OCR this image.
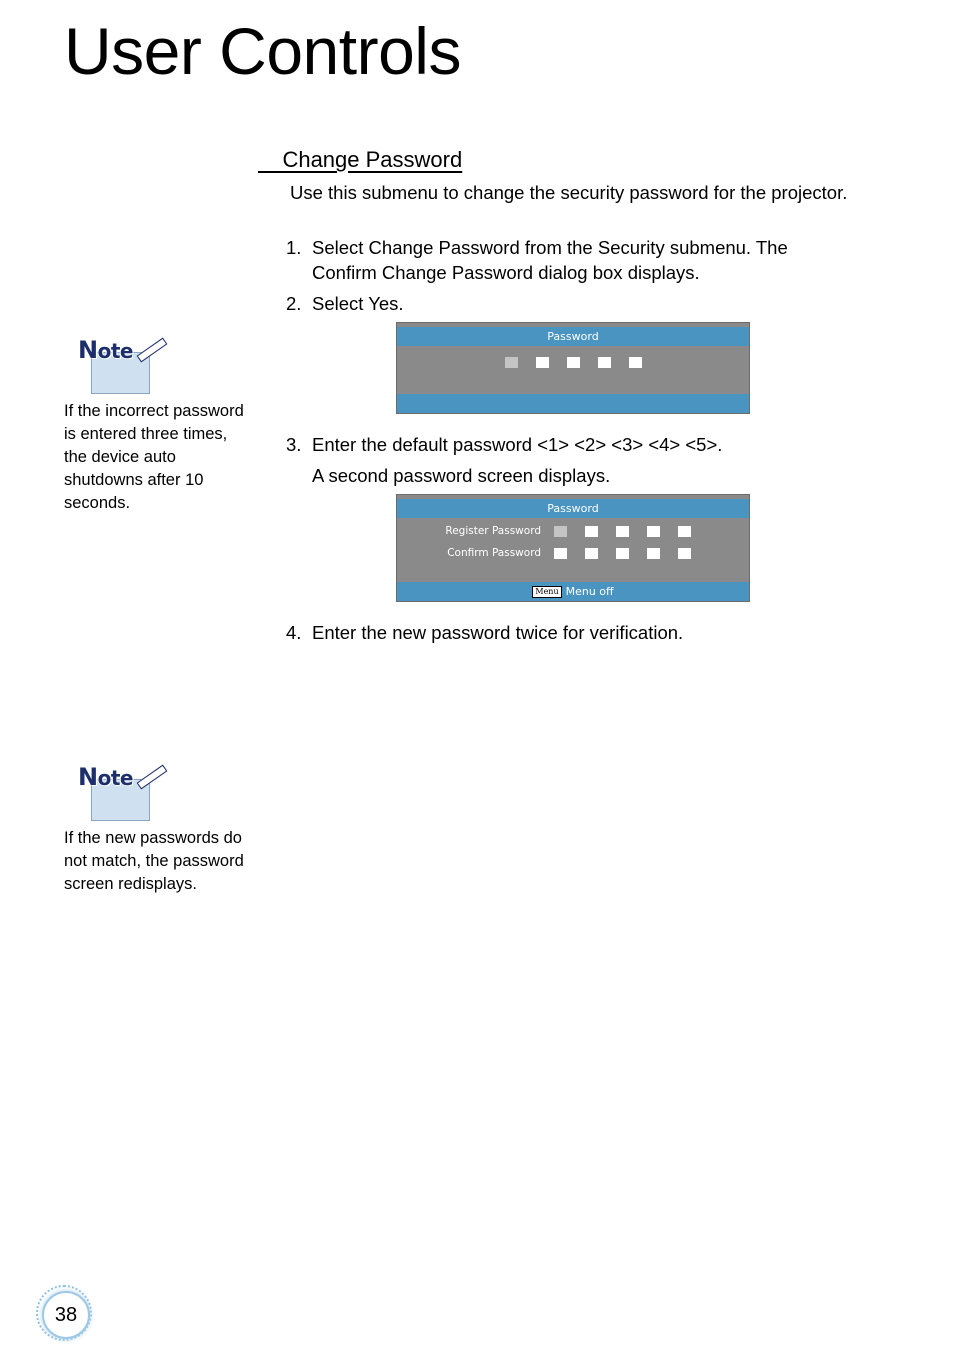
User Controls
Change Password
Use this submenu to change the security password for the projector.
1. Select Change Password from the Security submenu. The Confirm Change Password dialog box displays.
2. Select Yes.
Password
3. Enter the default password <1> <2> <3> <4> <5>.
A second password screen displays.
Password
Register Password
Confirm Password
Menu Menu off
4. Enter the new password twice for verification.
Note
If the incorrect password is entered three times, the device auto shutdowns after 10 seconds.
Note
If the new passwords do not match, the password screen redisplays.
38
